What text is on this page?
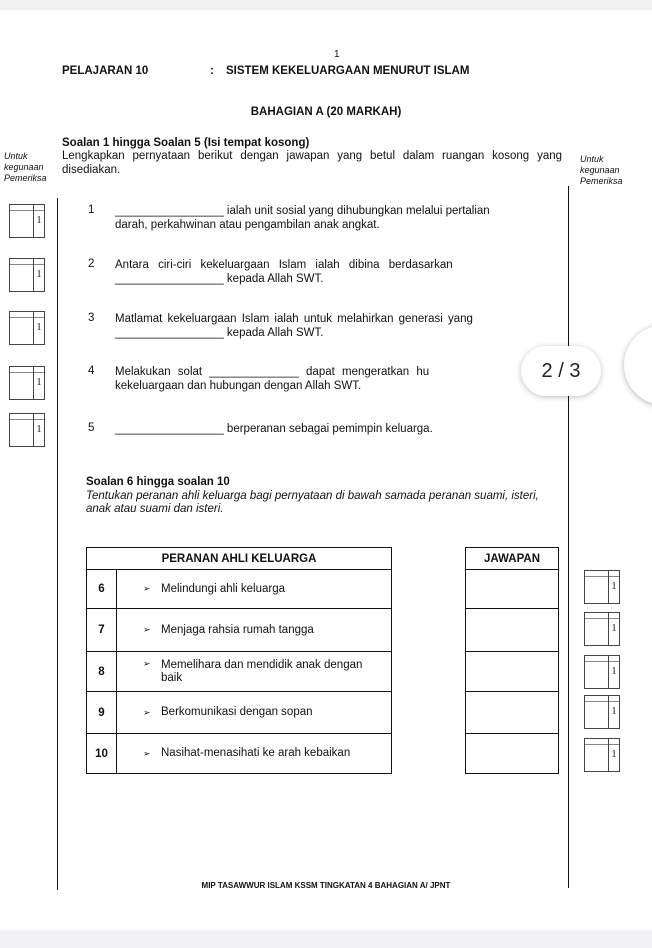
1
PELAJARAN 10	: SISTEM KEKELUARGAAN MENURUT ISLAM
BAHAGIAN A (20 MARKAH)
Soalan 1 hingga Soalan 5 (Isi tempat kosong)
Lengkapkan pernyataan berikut dengan jawapan yang betul dalam ruangan kosong yang disediakan.
Untuk
kegunaan
Pemeriksa
Untuk
kegunaan
Pemeriksa
1 _________________ ialah unit sosial yang dihubungkan melalui pertalian
darah, perkahwinan atau pengambilan anak angkat.
1
2 Antara ciri-ciri kekeluargaan Islam ialah dibina berdasarkan
_________________ kepada Allah SWT.
1
3 Matlamat kekeluargaan Islam ialah untuk melahirkan generasi yang
_________________ kepada Allah SWT.
1
4 Melakukan solat ______________ dapat mengeratkan hu
kekeluargaan dan hubungan dengan Allah SWT.
1
5 _________________ berperanan sebagai pemimpin keluarga.
1
2 / 3
Soalan 6 hingga soalan 10
Tentukan peranan ahli keluarga bagi pernyataan di bawah samada peranan suami, isteri, anak atau suami dan isteri.
PERANAN AHLI KELUARGA	
6	➢ Melindungi ahli keluarga

7	➢ Menjaga rahsia rumah tangga

8	➢ Memelihara dan mendidik anak dengan baik

9	➢ Berkomunikasi dengan sopan

10	➢ Nasihat-menasihati ke arah kebaikan
JAWAPAN

1
1
1
1
1
MIP TASAWWUR ISLAM KSSM TINGKATAN 4 BAHAGIAN A/ JPNT
